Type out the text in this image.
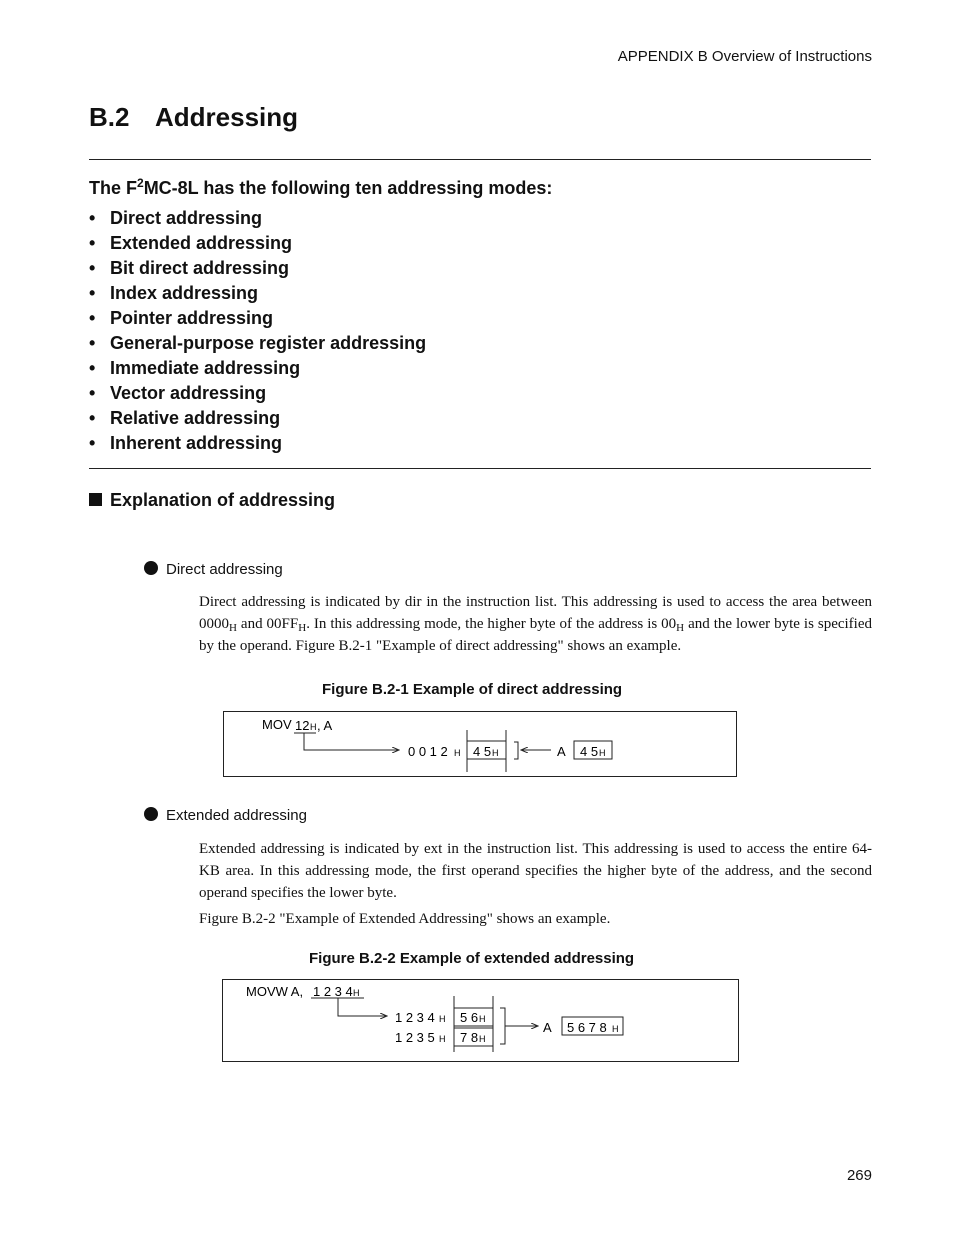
APPENDIX B Overview of Instructions
B.2 Addressing
The $F^2MC-8L$ has the following ten addressing modes:
• Direct addressing
• Extended addressing
• Bit direct addressing
• Index addressing
• Pointer addressing
• General-purpose register addressing
• Immediate addressing
• Vector addressing
• Relative addressing
• Inherent addressing
Explanation of addressing
Direct addressing
Direct addressing is indicated by dir in the instruction list. This addressing is used to access the area between $0000_H$ and $00FF_H$. In this addressing mode, the higher byte of the address is $00_H$ and the lower byte is specified by the operand. Figure B.2-1 "Example of direct addressing" shows an example.
Figure B.2-1 Example of direct addressing
MOV 12 H , A
0 0 1 2 H 4 5 H	A 4 5 H
Extended addressing
Extended addressing is indicated by ext in the instruction list. This addressing is used to access the entire 64-KB area. In this addressing mode, the first operand specifies the higher byte of the address, and the second operand specifies the lower byte.
Figure B.2-2 "Example of Extended Addressing" shows an example.
Figure B.2-2 Example of extended addressing
MOVW A, 1 2 3 4 H
1 2 3 4 H
1 2 3 5 H
5 6 H
7 8 H
A 5 6 7 8 H
269
